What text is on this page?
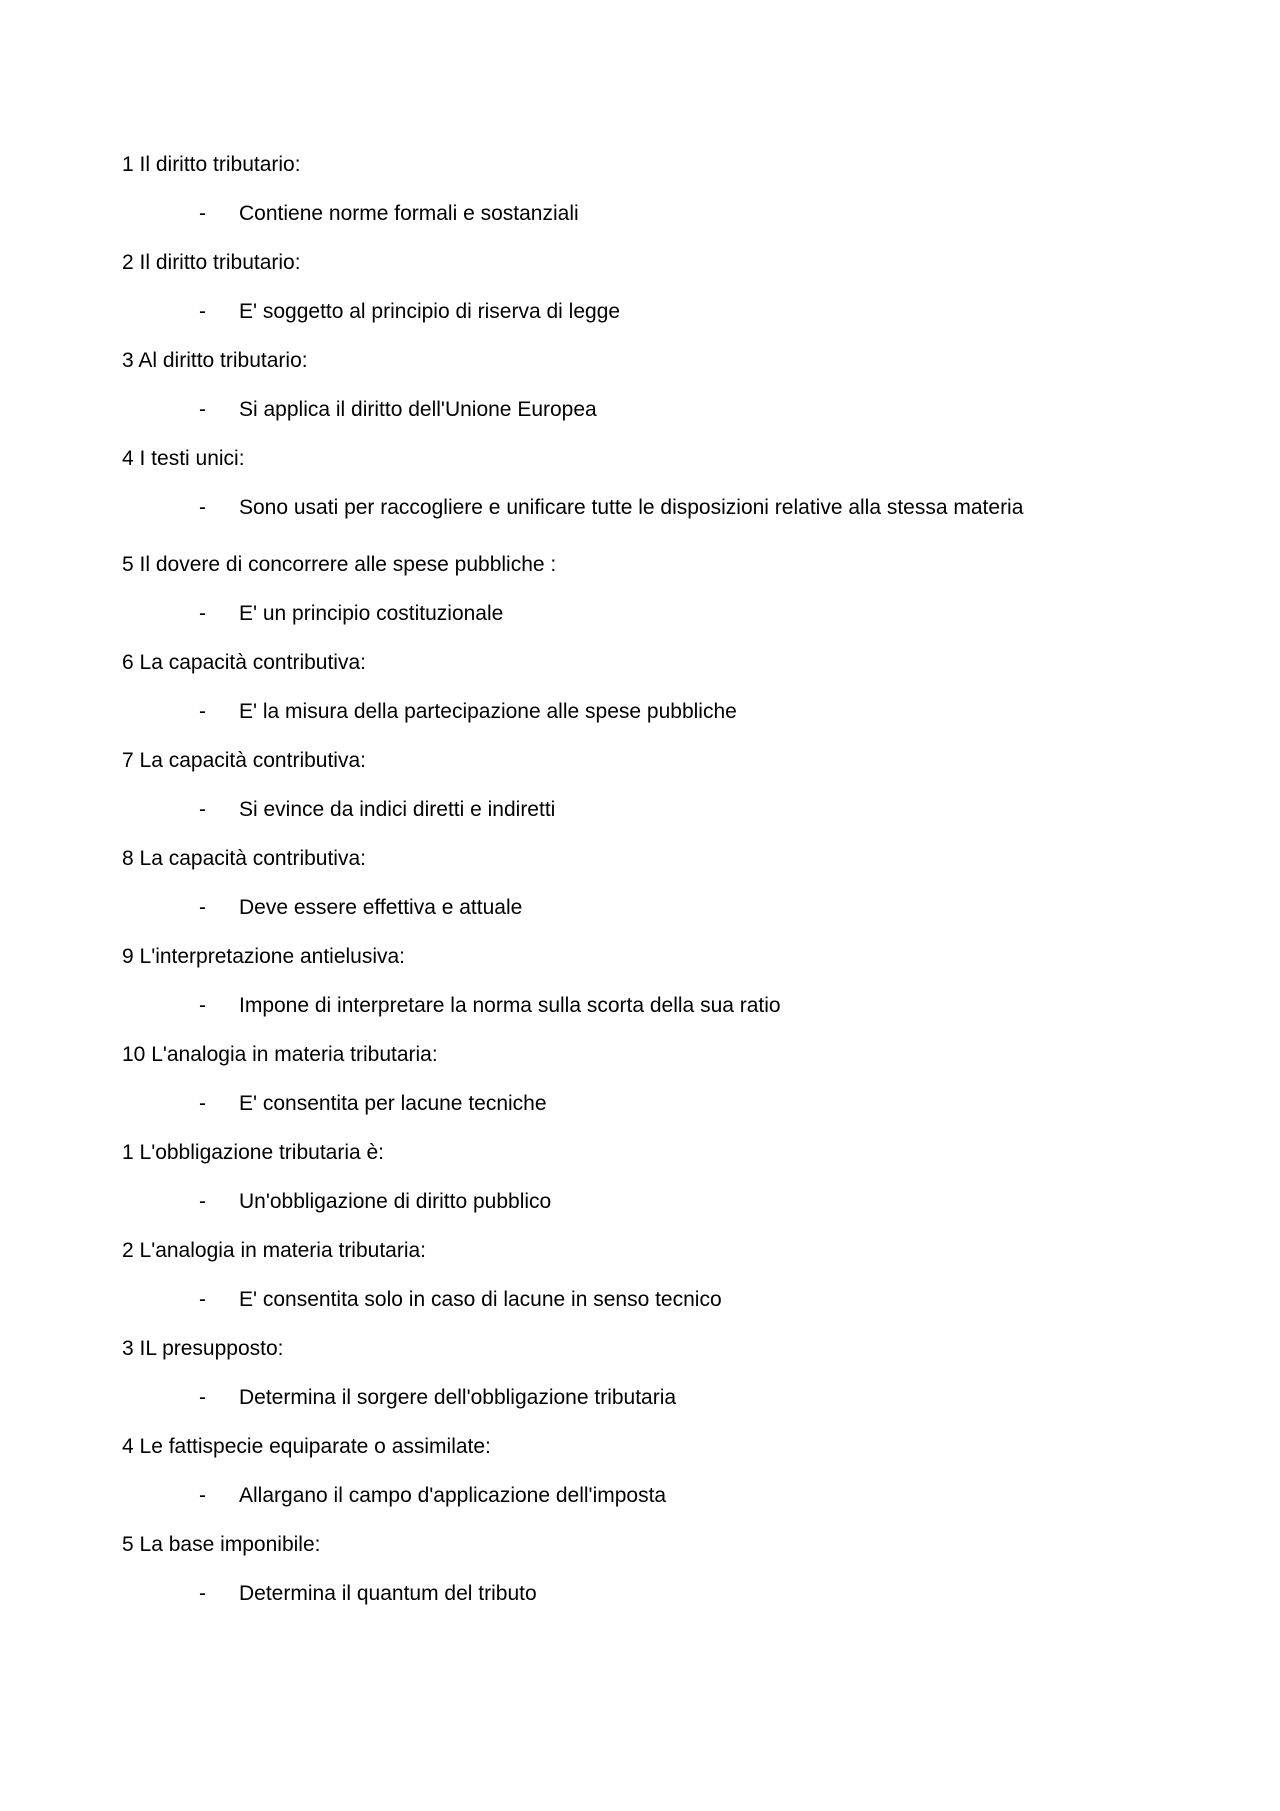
1 Il diritto tributario:

- Contiene norme formali e sostanziali

2 Il diritto tributario:

- E' soggetto al principio di riserva di legge

3 Al diritto tributario:

- Si applica il diritto dell'Unione Europea

4 I testi unici:

- Sono usati per raccogliere e unificare tutte le disposizioni relative alla stessa materia

5 Il dovere di concorrere alle spese pubbliche :

- E' un principio costituzionale

6 La capacità contributiva:

- E' la misura della partecipazione alle spese pubbliche

7 La capacità contributiva:

- Si evince da indici diretti e indiretti

8 La capacità contributiva:

- Deve essere effettiva e attuale

9 L'interpretazione antielusiva:

- Impone di interpretare la norma sulla scorta della sua ratio

10 L'analogia in materia tributaria:

- E' consentita per lacune tecniche

1 L'obbligazione tributaria è:

- Un'obbligazione di diritto pubblico

2 L'analogia in materia tributaria:

- E' consentita solo in caso di lacune in senso tecnico

3 IL presupposto:

- Determina il sorgere dell'obbligazione tributaria

4 Le fattispecie equiparate o assimilate:

- Allargano il campo d'applicazione dell'imposta

5 La base imponibile:

- Determina il quantum del tributo
